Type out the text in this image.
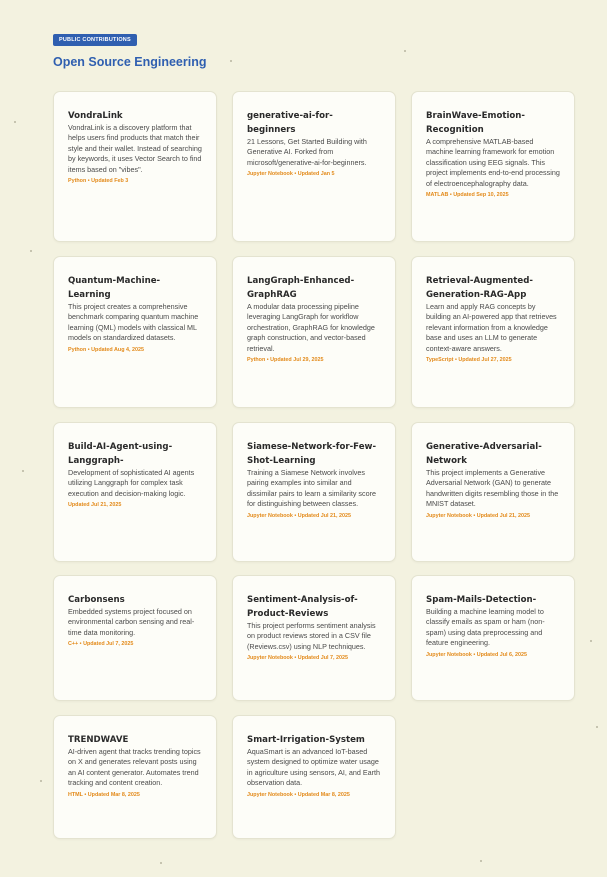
PUBLIC CONTRIBUTIONS
Open Source Engineering
VondraLink
VondraLink is a discovery platform that helps users find products that match their style and their wallet. Instead of searching by keywords, it uses Vector Search to find items based on "vibes".
Python • Updated Feb 3
generative-ai-for-beginners
21 Lessons, Get Started Building with Generative AI. Forked from microsoft/generative-ai-for-beginners.
Jupyter Notebook • Updated Jan 5
BrainWave-Emotion-Recognition
A comprehensive MATLAB-based machine learning framework for emotion classification using EEG signals. This project implements end-to-end processing of electroencephalography data.
MATLAB • Updated Sep 10, 2025
Quantum-Machine-Learning
This project creates a comprehensive benchmark comparing quantum machine learning (QML) models with classical ML models on standardized datasets.
Python • Updated Aug 4, 2025
LangGraph-Enhanced-GraphRAG
A modular data processing pipeline leveraging LangGraph for workflow orchestration, GraphRAG for knowledge graph construction, and vector-based retrieval.
Python • Updated Jul 29, 2025
Retrieval-Augmented-Generation-RAG-App
Learn and apply RAG concepts by building an AI-powered app that retrieves relevant information from a knowledge base and uses an LLM to generate context-aware answers.
TypeScript • Updated Jul 27, 2025
Build-AI-Agent-using-Langgraph-
Development of sophisticated AI agents utilizing Langgraph for complex task execution and decision-making logic.
Updated Jul 21, 2025
Siamese-Network-for-Few-Shot-Learning
Training a Siamese Network involves pairing examples into similar and dissimilar pairs to learn a similarity score for distinguishing between classes.
Jupyter Notebook • Updated Jul 21, 2025
Generative-Adversarial-Network
This project implements a Generative Adversarial Network (GAN) to generate handwritten digits resembling those in the MNIST dataset.
Jupyter Notebook • Updated Jul 21, 2025
Carbonsens
Embedded systems project focused on environmental carbon sensing and real-time data monitoring.
C++ • Updated Jul 7, 2025
Sentiment-Analysis-of-Product-Reviews
This project performs sentiment analysis on product reviews stored in a CSV file (Reviews.csv) using NLP techniques.
Jupyter Notebook • Updated Jul 7, 2025
Spam-Mails-Detection-
Building a machine learning model to classify emails as spam or ham (non-spam) using data preprocessing and feature engineering.
Jupyter Notebook • Updated Jul 6, 2025
TRENDWAVE
AI-driven agent that tracks trending topics on X and generates relevant posts using an AI content generator. Automates trend tracking and content creation.
HTML • Updated Mar 8, 2025
Smart-Irrigation-System
AquaSmart is an advanced IoT-based system designed to optimize water usage in agriculture using sensors, AI, and Earth observation data.
Jupyter Notebook • Updated Mar 8, 2025
